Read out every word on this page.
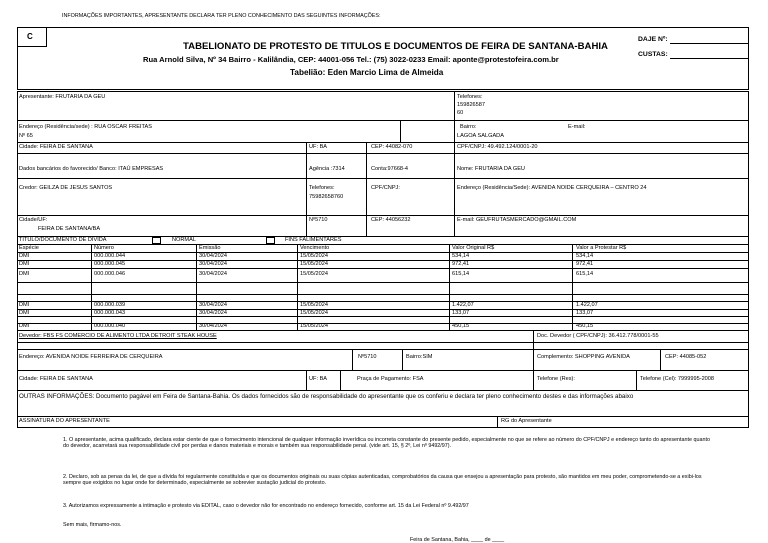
INFORMAÇÕES IMPORTANTES, APRESENTANTE DECLARA TER PLENO CONHECIMENTO DAS SEGUINTES INFORMAÇÕES:
C
TABELIONATO DE PROTESTO DE TITULOS E DOCUMENTOS DE FEIRA DE SANTANA-BAHIA
Rua Arnold Silva, Nº 34 Bairro - Kalilândia, CEP: 44001-056 Tel.: (75) 3022-0233 Email: aponte@protestofeira.com.br
Tabelião: Eden Marcio Lima de Almeida
DAJE Nº:
CUSTAS:
Apresentante: FRUTARIA DA GEU	Telefones:
159826587
60
Endereço (Residência/sede) : RUA OSCAR FREITAS
Nº 65
Bairro:
LAGOA SALGADA
E-mail:
Cidade: FEIRA DE SANTANA	UF: BA	CEP: 44082-070	CPF/CNPJ: 49.492.124/0001-20
Dados bancários do favorecido/ Banco: ITAÚ EMPRESAS	Agência :7314	Conta:97668-4	Nome: FRUTARIA DA GEU
Credor: GEILZA DE JESUS SANTOS	Telefones:
75982658760
CPF/CNPJ:	Endereço (Residência/Sede): AVENIDA NOIDE CERQUEIRA – CENTRO 24
Cidade/UF:
FEIRA DE SANTANA/BA
Nº5710	CEP: 44056232	E-mail: GEUFRUTASMERCADO@GMAIL.COM
TÍTULO/DOCUMENTO DE DÍVIDA	NORMAL	FINS FALIMENTARES
Espécie	Número	Emissão	Vencimento	Valor Original R$	Valor a Protestar R$
DMI	000.000.044	30/04/2024	15/05/2024	534,14	534,14
DMI	000.000.045	30/04/2024	15/05/2024	972,41	972,41
DMI	000.000.046	30/04/2024	15/05/2024	615,14	615,14
DMI	000.000.039	30/04/2024	15/05/2024	1.422,07	1.422,07
DMI	000.000.043	30/04/2024	15/05/2024	133,07	133,07
DMI	000.000.040	30/04/2024	15/05/2024	450,15	450,15
Devedor: FBS FS COMERCIO DE ALIMENTO LTDA DETROIT STEAK HOUSE	Doc. Devedor ( CPF/CNPJ): 36.412.778/0001-55
Endereço: AVENIDA NOIDE FERREIRA DE CERQUEIRA	Nº5710	Bairro:SIM	Complemento: SHOPPING AVENIDA	CEP: 44085-052
Cidade: FEIRA DE SANTANA	UF: BA	Praça de Pagamento: FSA	Telefone (Res):	Telefone (Cel): 7999995-2008
OUTRAS INFORMAÇÕES: Documento pagável em Feira de Santana-Bahia. Os dados fornecidos são de responsabilidade do apresentante que os conferiu e declara ter pleno conhecimento destes e das informações abaixo
ASSINATURA DO APRESENTANTE	RG do Apresentante
1. O apresentante, acima qualificado, declara estar ciente de que o fornecimento intencional de qualquer informação inverídica ou incorreta constante do presente pedido, especialmente no que se refere ao número do CPF/CNPJ e endereço tanto do apresentante quanto do devedor, acarretará sua responsabilidade civil por perdas e danos materiais e morais e também sua responsabilidade penal. (vide art. 15, § 2º, Lei nº 9492/97).
2. Declaro, sob as penas da lei, de que a dívida foi regularmente constituída e que os documentos originais ou suas cópias autenticadas, comprobatórios da causa que ensejou a apresentação para protesto, são mantidos em meu poder, comprometendo-se a exibi-los sempre que exigidos no lugar onde for determinado, especialmente se sobrevier sustação judicial do protesto.
3. Autorizamos expressamente a intimação e protesto via EDITAL, caso o devedor não for encontrado no endereço fornecido, conforme art. 15 da Lei Federal nº 9.492/97
Sem mais, firmamo-nos.
Feira de Santana, Bahia, ____ de ____
